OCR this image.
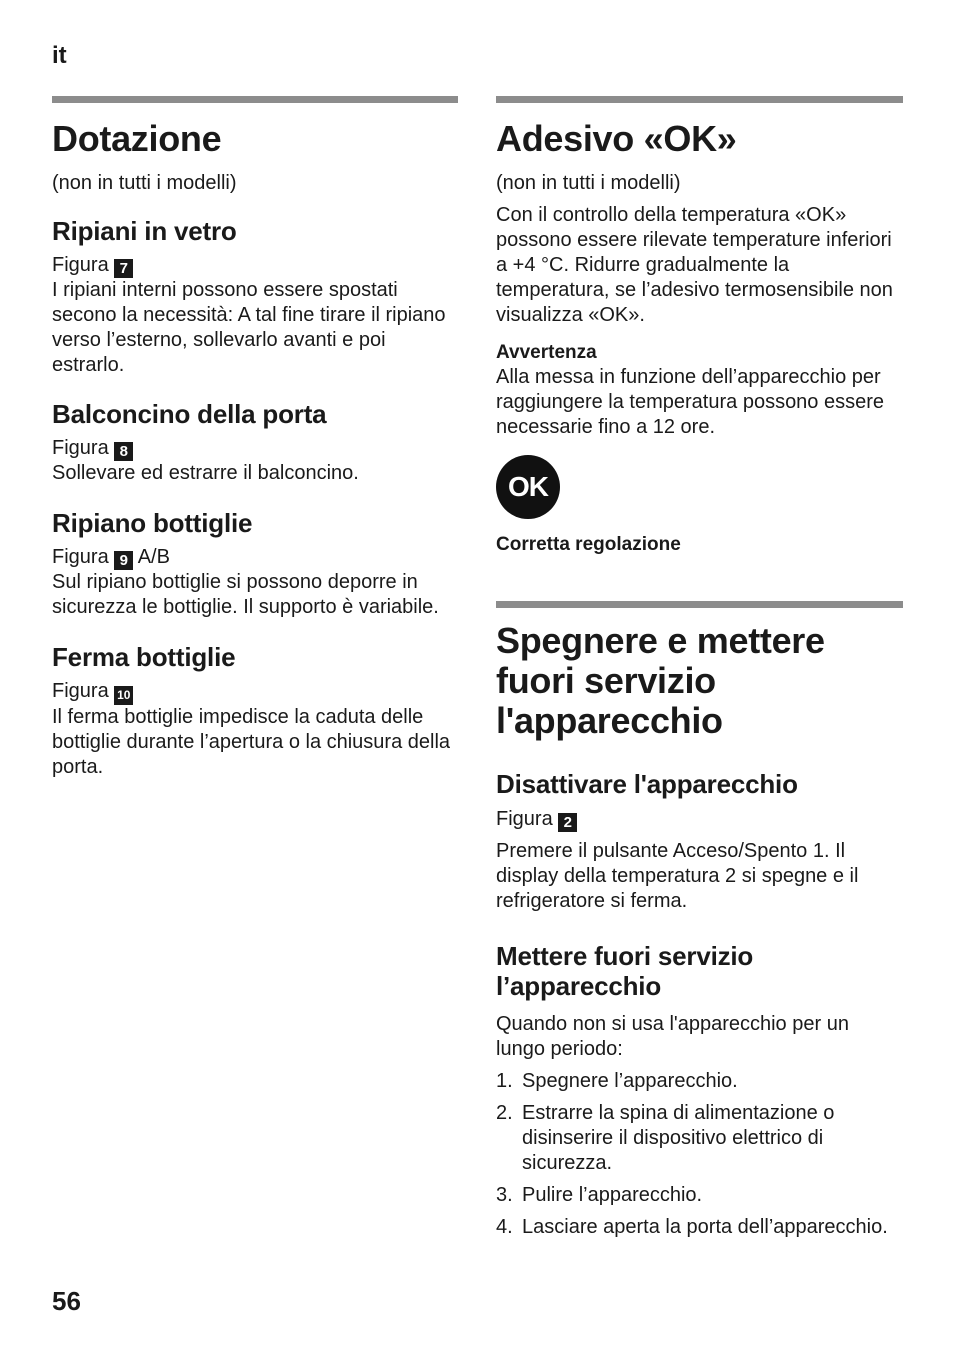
it
Dotazione

(non in tutti i modelli)

Ripiani in vetro

Figura 7

I ripiani interni possono essere spostati secono la necessità: A tal fine tirare il ripiano verso l’esterno, sollevarlo avanti e poi estrarlo.

Balconcino della porta

Figura 8

Sollevare ed estrarre il balconcino.

Ripiano bottiglie

Figura 9 A/B

Sul ripiano bottiglie si possono deporre in sicurezza le bottiglie. Il supporto è variabile.

Ferma bottiglie

Figura 10

Il ferma bottiglie impedisce la caduta delle bottiglie durante l’apertura o la chiusura della porta.

Adesivo «OK»

(non in tutti i modelli)

Con il controllo della temperatura «OK» possono essere rilevate temperature inferiori a +4 °C. Ridurre gradualmente la temperatura, se l’adesivo termosensibile non visualizza «OK».

Avvertenza

Alla messa in funzione dell’apparecchio per raggiungere la temperatura possono essere necessarie fino a 12 ore.

OK

Corretta regolazione

Spegnere e mettere fuori servizio l'apparecchio
Disattivare l'apparecchio

Figura 2

Premere il pulsante Acceso/Spento 1. Il display della temperatura 2 si spegne e il refrigeratore si ferma.

Mettere fuori servizio l’apparecchio

Quando non si usa l'apparecchio per un lungo periodo:

1. Spegnere l’apparecchio.
2. Estrarre la spina di alimentazione o disinserire il dispositivo elettrico di sicurezza.
3. Pulire l’apparecchio.
4. Lasciare aperta la porta dell’apparecchio.
56
